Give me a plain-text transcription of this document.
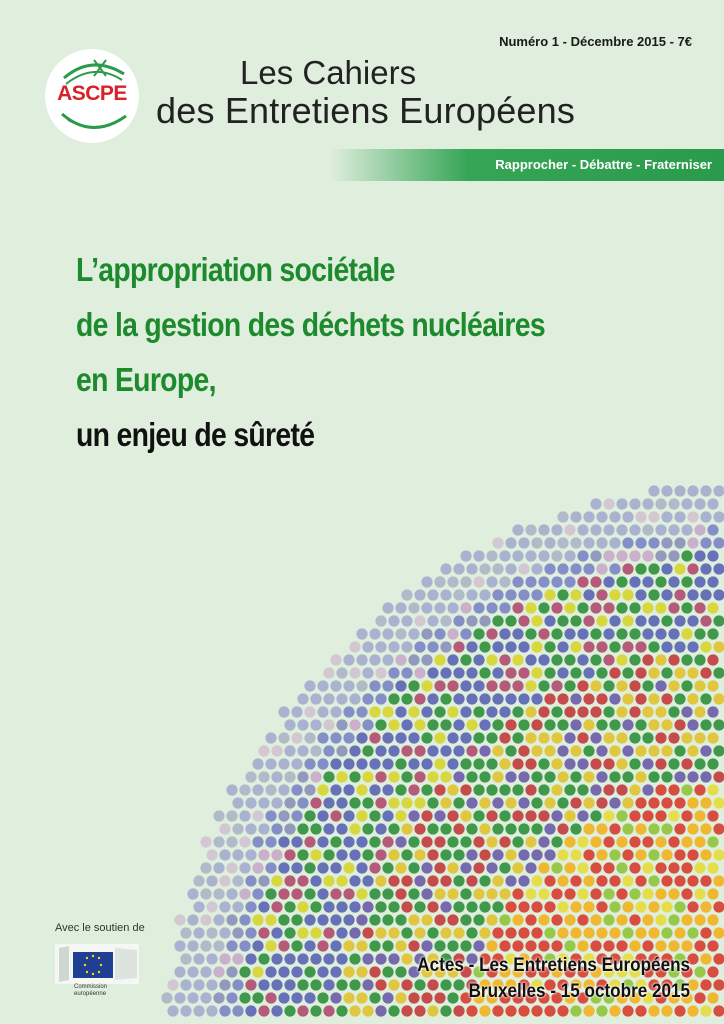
Numéro 1 - Décembre 2015 - 7€
ASCPE
Les Cahiers
des Entretiens Européens
Rapprocher - Débattre - Fraterniser
L’appropriation sociétale
de la gestion des déchets nucléaires
en Europe,
un enjeu de sûreté
Avec le soutien de
Commission
européenne
Actes - Les Entretiens Européens
Bruxelles - 15 octobre 2015
